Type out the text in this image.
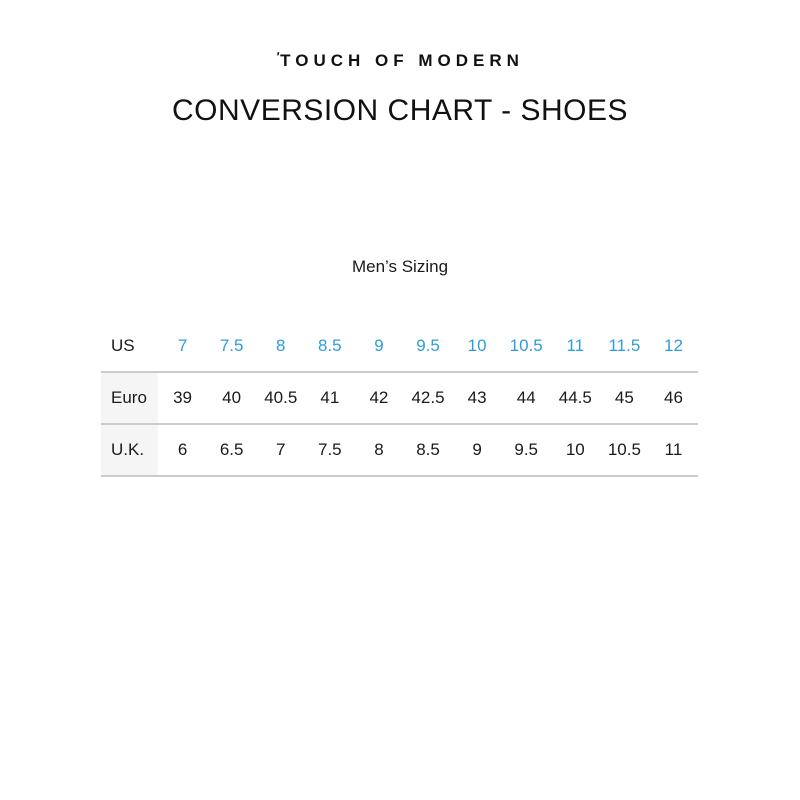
ʹTOUCH OF MODERN
CONVERSION CHART - SHOES
Men’s Sizing
US	7	7.5	8	8.5	9	9.5	10	10.5	11	11.5	12
Euro	39	40	40.5	41	42	42.5	43	44	44.5	45	46
U.K.	6	6.5	7	7.5	8	8.5	9	9.5	10	10.5	11
